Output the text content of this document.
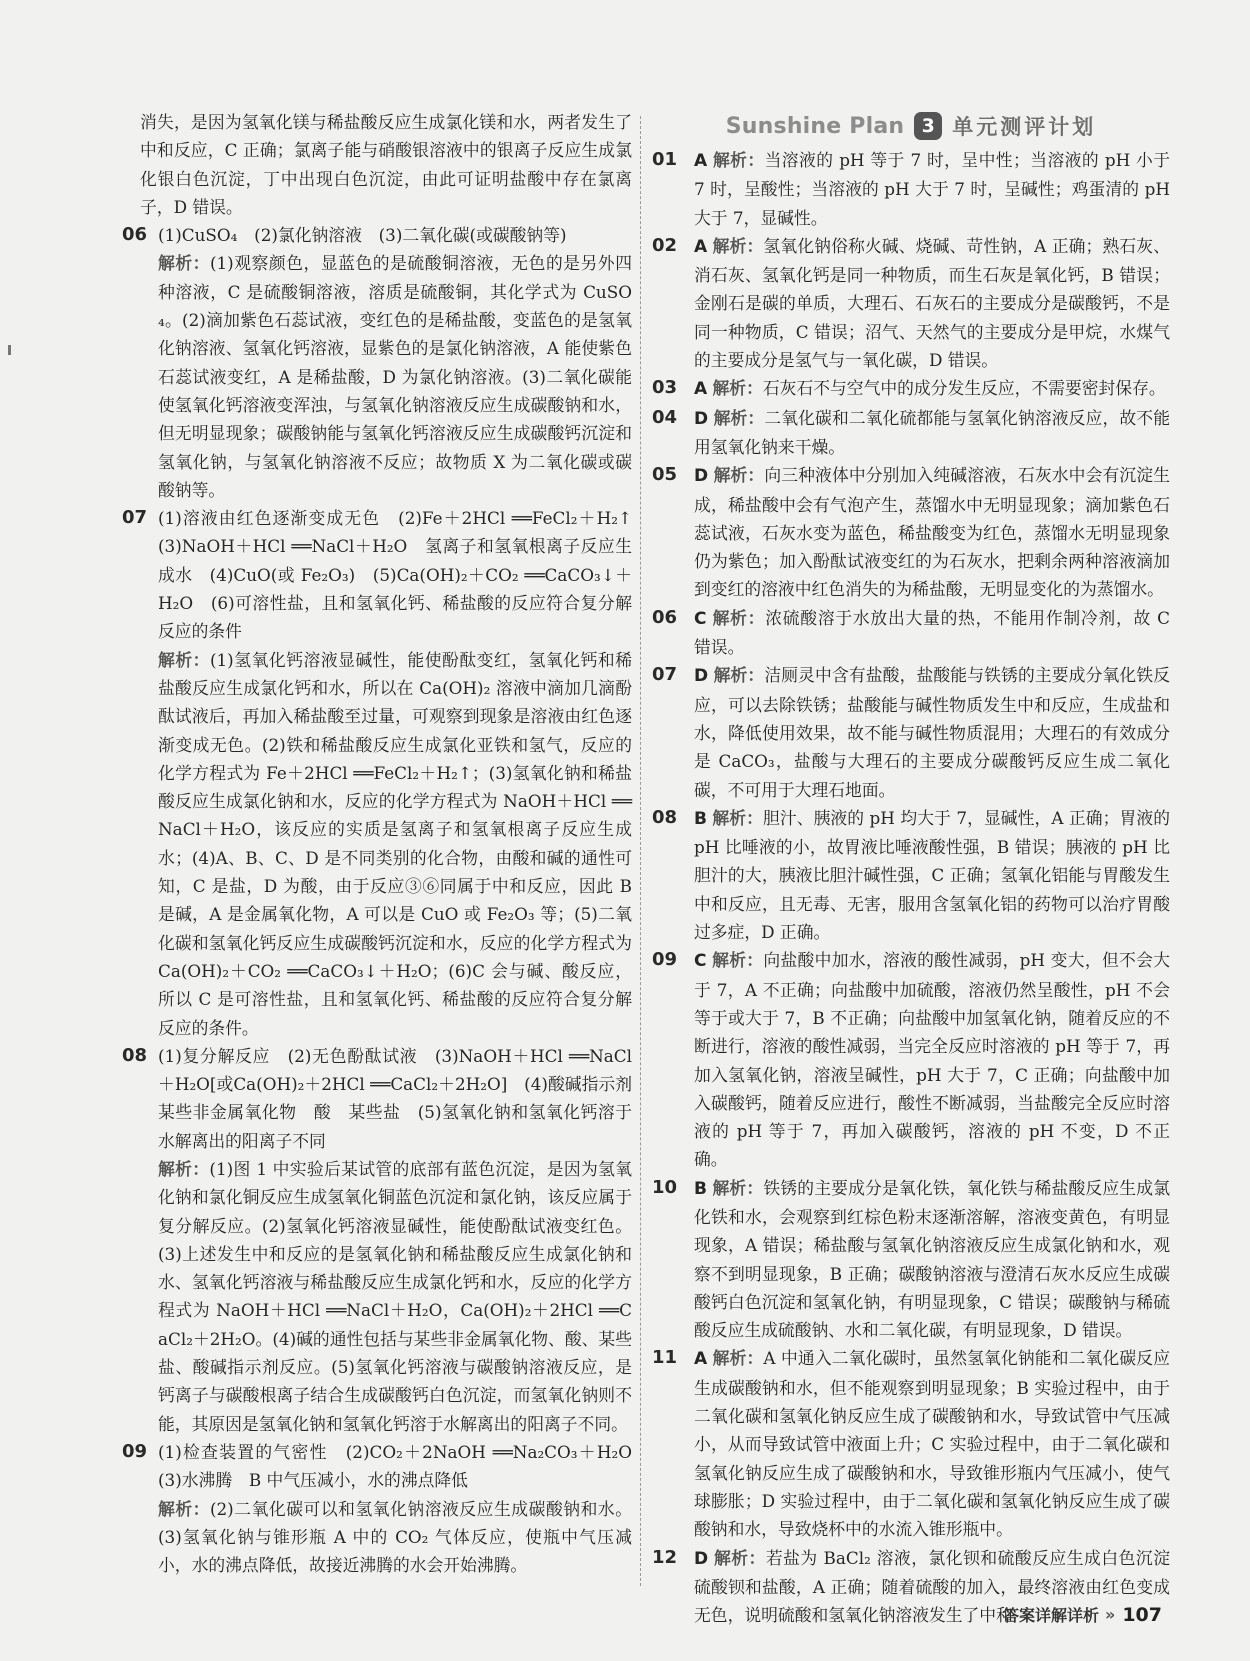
消失，是因为氢氧化镁与稀盐酸反应生成氯化镁和水，两者发生了中和反应，C 正确；氯离子能与硝酸银溶液中的银离子反应生成氯化银白色沉淀，丁中出现白色沉淀，由此可证明盐酸中存在氯离子，D 错误。

06 (1)CuSO₄　(2)氯化钠溶液　(3)二氧化碳(或碳酸钠等)

解析：(1)观察颜色，显蓝色的是硫酸铜溶液，无色的是另外四种溶液，C 是硫酸铜溶液，溶质是硫酸铜，其化学式为 CuSO₄。(2)滴加紫色石蕊试液，变红色的是稀盐酸，变蓝色的是氢氧化钠溶液、氢氧化钙溶液，显紫色的是氯化钠溶液，A 能使紫色石蕊试液变红，A 是稀盐酸，D 为氯化钠溶液。(3)二氧化碳能使氢氧化钙溶液变浑浊，与氢氧化钠溶液反应生成碳酸钠和水，但无明显现象；碳酸钠能与氢氧化钙溶液反应生成碳酸钙沉淀和氢氧化钠，与氢氧化钠溶液不反应；故物质 X 为二氧化碳或碳酸钠等。

07 (1)溶液由红色逐渐变成无色　(2)Fe＋2HCl ══FeCl₂＋H₂↑　(3)NaOH＋HCl ══NaCl＋H₂O　氢离子和氢氧根离子反应生成水　(4)CuO(或 Fe₂O₃)　(5)Ca(OH)₂＋CO₂ ══CaCO₃↓＋H₂O　(6)可溶性盐，且和氢氧化钙、稀盐酸的反应符合复分解反应的条件

解析：(1)氢氧化钙溶液显碱性，能使酚酞变红，氢氧化钙和稀盐酸反应生成氯化钙和水，所以在 Ca(OH)₂ 溶液中滴加几滴酚酞试液后，再加入稀盐酸至过量，可观察到现象是溶液由红色逐渐变成无色。(2)铁和稀盐酸反应生成氯化亚铁和氢气，反应的化学方程式为 Fe＋2HCl ══FeCl₂＋H₂↑；(3)氢氧化钠和稀盐酸反应生成氯化钠和水，反应的化学方程式为 NaOH＋HCl ══NaCl＋H₂O，该反应的实质是氢离子和氢氧根离子反应生成水；(4)A、B、C、D 是不同类别的化合物，由酸和碱的通性可知，C 是盐，D 为酸，由于反应③⑥同属于中和反应，因此 B 是碱，A 是金属氧化物，A 可以是 CuO 或 Fe₂O₃ 等；(5)二氧化碳和氢氧化钙反应生成碳酸钙沉淀和水，反应的化学方程式为 Ca(OH)₂＋CO₂ ══CaCO₃↓＋H₂O；(6)C 会与碱、酸反应，所以 C 是可溶性盐，且和氢氧化钙、稀盐酸的反应符合复分解反应的条件。

08 (1)复分解反应　(2)无色酚酞试液　(3)NaOH＋HCl ══NaCl＋H₂O[或Ca(OH)₂＋2HCl ══CaCl₂＋2H₂O]　(4)酸碱指示剂　某些非金属氧化物　酸　某些盐　(5)氢氧化钠和氢氧化钙溶于水解离出的阳离子不同

解析：(1)图 1 中实验后某试管的底部有蓝色沉淀，是因为氢氧化钠和氯化铜反应生成氢氧化铜蓝色沉淀和氯化钠，该反应属于复分解反应。(2)氢氧化钙溶液显碱性，能使酚酞试液变红色。(3)上述发生中和反应的是氢氧化钠和稀盐酸反应生成氯化钠和水、氢氧化钙溶液与稀盐酸反应生成氯化钙和水，反应的化学方程式为 NaOH＋HCl ══NaCl＋H₂O，Ca(OH)₂＋2HCl ══CaCl₂＋2H₂O。(4)碱的通性包括与某些非金属氧化物、酸、某些盐、酸碱指示剂反应。(5)氢氧化钙溶液与碳酸钠溶液反应，是钙离子与碳酸根离子结合生成碳酸钙白色沉淀，而氢氧化钠则不能，其原因是氢氧化钠和氢氧化钙溶于水解离出的阳离子不同。

09 (1)检查装置的气密性　(2)CO₂＋2NaOH ══Na₂CO₃＋H₂O　(3)水沸腾　B 中气压减小，水的沸点降低

解析：(2)二氧化碳可以和氢氧化钠溶液反应生成碳酸钠和水。(3)氢氧化钠与锥形瓶 A 中的 CO₂ 气体反应，使瓶中气压减小，水的沸点降低，故接近沸腾的水会开始沸腾。

Sunshine Plan 3 单元测评计划
01 A 解析：当溶液的 pH 等于 7 时，呈中性；当溶液的 pH 小于 7 时，呈酸性；当溶液的 pH 大于 7 时，呈碱性；鸡蛋清的 pH 大于 7，显碱性。

02 A 解析：氢氧化钠俗称火碱、烧碱、苛性钠，A 正确；熟石灰、消石灰、氢氧化钙是同一种物质，而生石灰是氧化钙，B 错误；金刚石是碳的单质，大理石、石灰石的主要成分是碳酸钙，不是同一种物质，C 错误；沼气、天然气的主要成分是甲烷，水煤气的主要成分是氢气与一氧化碳，D 错误。

03 A 解析：石灰石不与空气中的成分发生反应，不需要密封保存。

04 D 解析：二氧化碳和二氧化硫都能与氢氧化钠溶液反应，故不能用氢氧化钠来干燥。

05 D 解析：向三种液体中分别加入纯碱溶液，石灰水中会有沉淀生成，稀盐酸中会有气泡产生，蒸馏水中无明显现象；滴加紫色石蕊试液，石灰水变为蓝色，稀盐酸变为红色，蒸馏水无明显现象仍为紫色；加入酚酞试液变红的为石灰水，把剩余两种溶液滴加到变红的溶液中红色消失的为稀盐酸，无明显变化的为蒸馏水。

06 C 解析：浓硫酸溶于水放出大量的热，不能用作制冷剂，故 C 错误。

07 D 解析：洁厕灵中含有盐酸，盐酸能与铁锈的主要成分氧化铁反应，可以去除铁锈；盐酸能与碱性物质发生中和反应，生成盐和水，降低使用效果，故不能与碱性物质混用；大理石的有效成分是 CaCO₃，盐酸与大理石的主要成分碳酸钙反应生成二氧化碳，不可用于大理石地面。

08 B 解析：胆汁、胰液的 pH 均大于 7，显碱性，A 正确；胃液的 pH 比唾液的小，故胃液比唾液酸性强，B 错误；胰液的 pH 比胆汁的大，胰液比胆汁碱性强，C 正确；氢氧化铝能与胃酸发生中和反应，且无毒、无害，服用含氢氧化铝的药物可以治疗胃酸过多症，D 正确。

09 C 解析：向盐酸中加水，溶液的酸性减弱，pH 变大，但不会大于 7，A 不正确；向盐酸中加硫酸，溶液仍然呈酸性，pH 不会等于或大于 7，B 不正确；向盐酸中加氢氧化钠，随着反应的不断进行，溶液的酸性减弱，当完全反应时溶液的 pH 等于 7，再加入氢氧化钠，溶液呈碱性，pH 大于 7，C 正确；向盐酸中加入碳酸钙，随着反应进行，酸性不断减弱，当盐酸完全反应时溶液的 pH 等于 7，再加入碳酸钙，溶液的 pH 不变，D 不正确。

10 B 解析：铁锈的主要成分是氧化铁，氧化铁与稀盐酸反应生成氯化铁和水，会观察到红棕色粉末逐渐溶解，溶液变黄色，有明显现象，A 错误；稀盐酸与氢氧化钠溶液反应生成氯化钠和水，观察不到明显现象，B 正确；碳酸钠溶液与澄清石灰水反应生成碳酸钙白色沉淀和氢氧化钠，有明显现象，C 错误；碳酸钠与稀硫酸反应生成硫酸钠、水和二氧化碳，有明显现象，D 错误。

11 A 解析：A 中通入二氧化碳时，虽然氢氧化钠能和二氧化碳反应生成碳酸钠和水，但不能观察到明显现象；B 实验过程中，由于二氧化碳和氢氧化钠反应生成了碳酸钠和水，导致试管中气压减小，从而导致试管中液面上升；C 实验过程中，由于二氧化碳和氢氧化钠反应生成了碳酸钠和水，导致锥形瓶内气压减小，使气球膨胀；D 实验过程中，由于二氧化碳和氢氧化钠反应生成了碳酸钠和水，导致烧杯中的水流入锥形瓶中。

12 D 解析：若盐为 BaCl₂ 溶液，氯化钡和硫酸反应生成白色沉淀硫酸钡和盐酸，A 正确；随着硫酸的加入，最终溶液由红色变成无色，说明硫酸和氢氧化钠溶液发生了中和

答案详解详析 » 107
